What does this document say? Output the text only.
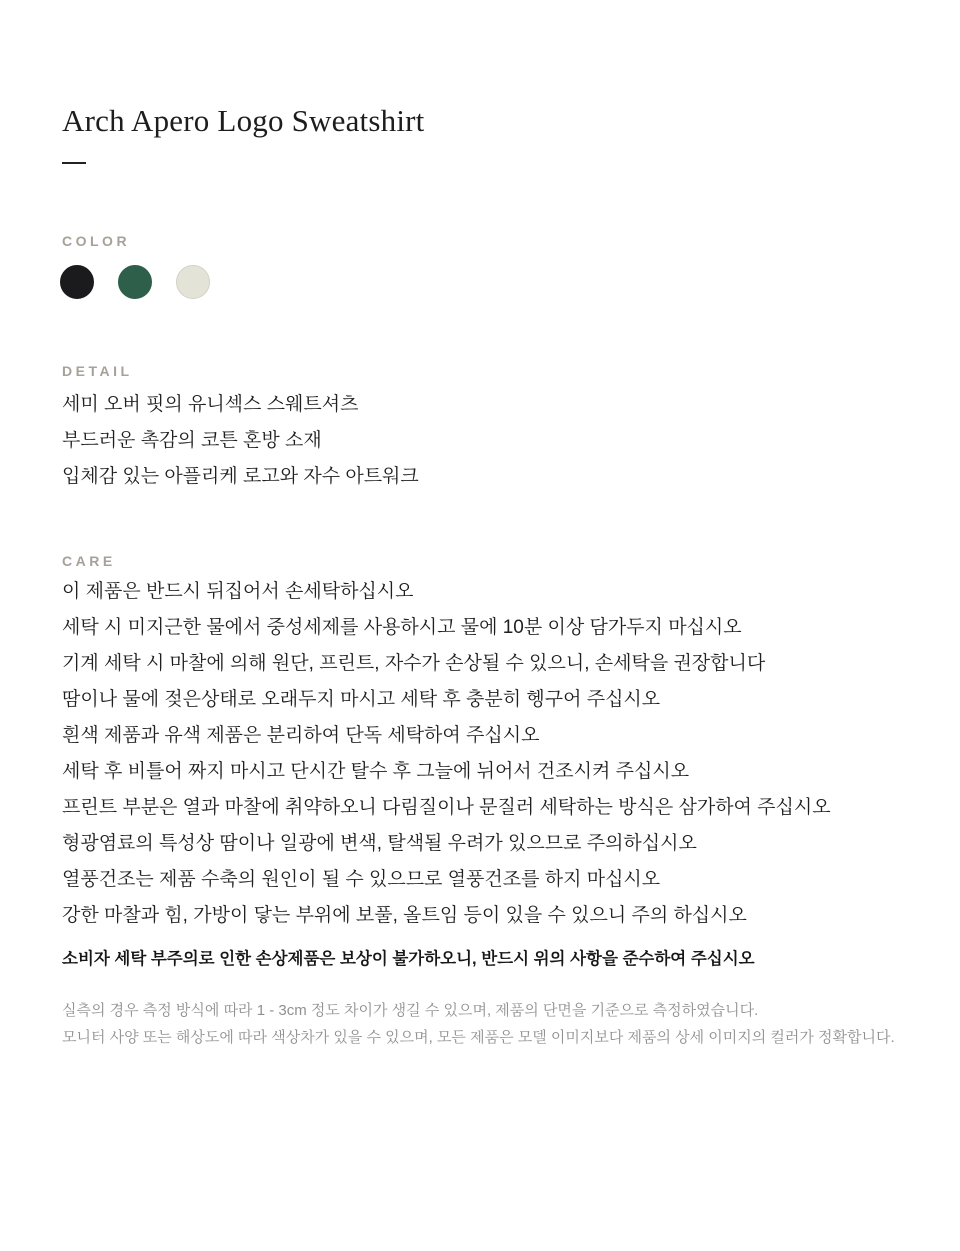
Arch Apero Logo Sweatshirt
COLOR
DETAIL
세미 오버 핏의 유니섹스 스웨트셔츠
부드러운 촉감의 코튼 혼방 소재
입체감 있는 아플리케 로고와 자수 아트워크
CARE
이 제품은 반드시 뒤집어서 손세탁하십시오
세탁 시 미지근한 물에서 중성세제를 사용하시고 물에 10분 이상 담가두지 마십시오
기계 세탁 시 마찰에 의해 원단, 프린트, 자수가 손상될 수 있으니, 손세탁을 권장합니다
땀이나 물에 젖은상태로 오래두지 마시고 세탁 후 충분히 헹구어 주십시오
흰색 제품과 유색 제품은 분리하여 단독 세탁하여 주십시오
세탁 후 비틀어 짜지 마시고 단시간 탈수 후 그늘에 뉘어서 건조시켜 주십시오
프린트 부분은 열과 마찰에 취약하오니 다림질이나 문질러 세탁하는 방식은 삼가하여 주십시오
형광염료의 특성상 땀이나 일광에 변색, 탈색될 우려가 있으므로 주의하십시오
열풍건조는 제품 수축의 원인이 될 수 있으므로 열풍건조를 하지 마십시오
강한 마찰과 힘, 가방이 닿는 부위에 보풀, 올트임 등이 있을 수 있으니 주의 하십시오
소비자 세탁 부주의로 인한 손상제품은 보상이 불가하오니, 반드시 위의 사항을 준수하여 주십시오
실측의 경우 측정 방식에 따라 1 - 3cm 정도 차이가 생길 수 있으며, 제품의 단면을 기준으로 측정하였습니다.
모니터 사양 또는 해상도에 따라 색상차가 있을 수 있으며, 모든 제품은 모델 이미지보다 제품의 상세 이미지의 컬러가 정확합니다.
